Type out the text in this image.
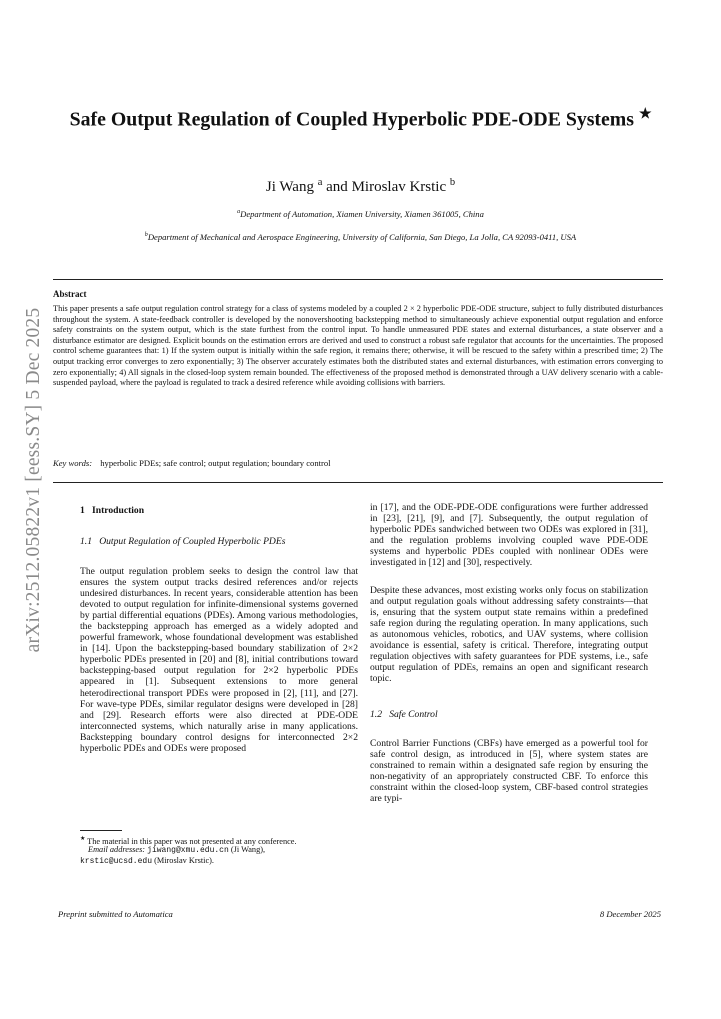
arXiv:2512.05822v1 [eess.SY] 5 Dec 2025
Safe Output Regulation of Coupled Hyperbolic PDE-ODE Systems ★
Ji Wang $^a$ and Miroslav Krstic $^b$
$^a$Department of Automation, Xiamen University, Xiamen 361005, China
$^b$Department of Mechanical and Aerospace Engineering, University of California, San Diego, La Jolla, CA 92093-0411, USA
Abstract
This paper presents a safe output regulation control strategy for a class of systems modeled by a coupled 2 × 2 hyperbolic PDE-ODE structure, subject to fully distributed disturbances throughout the system. A state-feedback controller is developed by the nonovershooting backstepping method to simultaneously achieve exponential output regulation and enforce safety constraints on the system output, which is the state furthest from the control input. To handle unmeasured PDE states and external disturbances, a state observer and a disturbance estimator are designed. Explicit bounds on the estimation errors are derived and used to construct a robust safe regulator that accounts for the uncertainties. The proposed control scheme guarantees that: 1) If the system output is initially within the safe region, it remains there; otherwise, it will be rescued to the safety within a prescribed time; 2) The output tracking error converges to zero exponentially; 3) The observer accurately estimates both the distributed states and external disturbances, with estimation errors converging to zero exponentially; 4) All signals in the closed-loop system remain bounded. The effectiveness of the proposed method is demonstrated through a UAV delivery scenario with a cable-suspended payload, where the payload is regulated to track a desired reference while avoiding collisions with barriers.
Key words: hyperbolic PDEs; safe control; output regulation; boundary control
1 Introduction
1.1 Output Regulation of Coupled Hyperbolic PDEs
The output regulation problem seeks to design the control law that ensures the system output tracks desired references and/or rejects undesired disturbances. In recent years, considerable attention has been devoted to output regulation for infinite-dimensional systems governed by partial differential equations (PDEs). Among various methodologies, the backstepping approach has emerged as a widely adopted and powerful framework, whose foundational development was established in [14]. Upon the backstepping-based boundary stabilization of 2×2 hyperbolic PDEs presented in [20] and [8], initial contributions toward backstepping-based output regulation for 2×2 hyperbolic PDEs appeared in [1]. Subsequent extensions to more general heterodirectional transport PDEs were proposed in [2], [11], and [27]. For wave-type PDEs, similar regulator designs were developed in [28] and [29]. Research efforts were also directed at PDE-ODE interconnected systems, which naturally arise in many applications. Backstepping boundary control designs for interconnected 2×2 hyperbolic PDEs and ODEs were proposed
★ The material in this paper was not presented at any conference.
Email addresses: jiwang@xmu.edu.cn (Ji Wang),
krstic@ucsd.edu (Miroslav Krstic).
in [17], and the ODE-PDE-ODE configurations were further addressed in [23], [21], [9], and [7]. Subsequently, the output regulation of hyperbolic PDEs sandwiched between two ODEs was explored in [31], and the regulation problems involving coupled wave PDE-ODE systems and hyperbolic PDEs coupled with nonlinear ODEs were investigated in [12] and [30], respectively.
Despite these advances, most existing works only focus on stabilization and output regulation goals without addressing safety constraints—that is, ensuring that the system output state remains within a predefined safe region during the regulating operation. In many applications, such as autonomous vehicles, robotics, and UAV systems, where collision avoidance is essential, safety is critical. Therefore, integrating output regulation objectives with safety guarantees for PDE systems, i.e., safe output regulation of PDEs, remains an open and significant research topic.
1.2 Safe Control
Control Barrier Functions (CBFs) have emerged as a powerful tool for safe control design, as introduced in [5], where system states are constrained to remain within a designated safe region by ensuring the non-negativity of an appropriately constructed CBF. To enforce this constraint within the closed-loop system, CBF-based control strategies are typi-
Preprint submitted to Automatica	8 December 2025
